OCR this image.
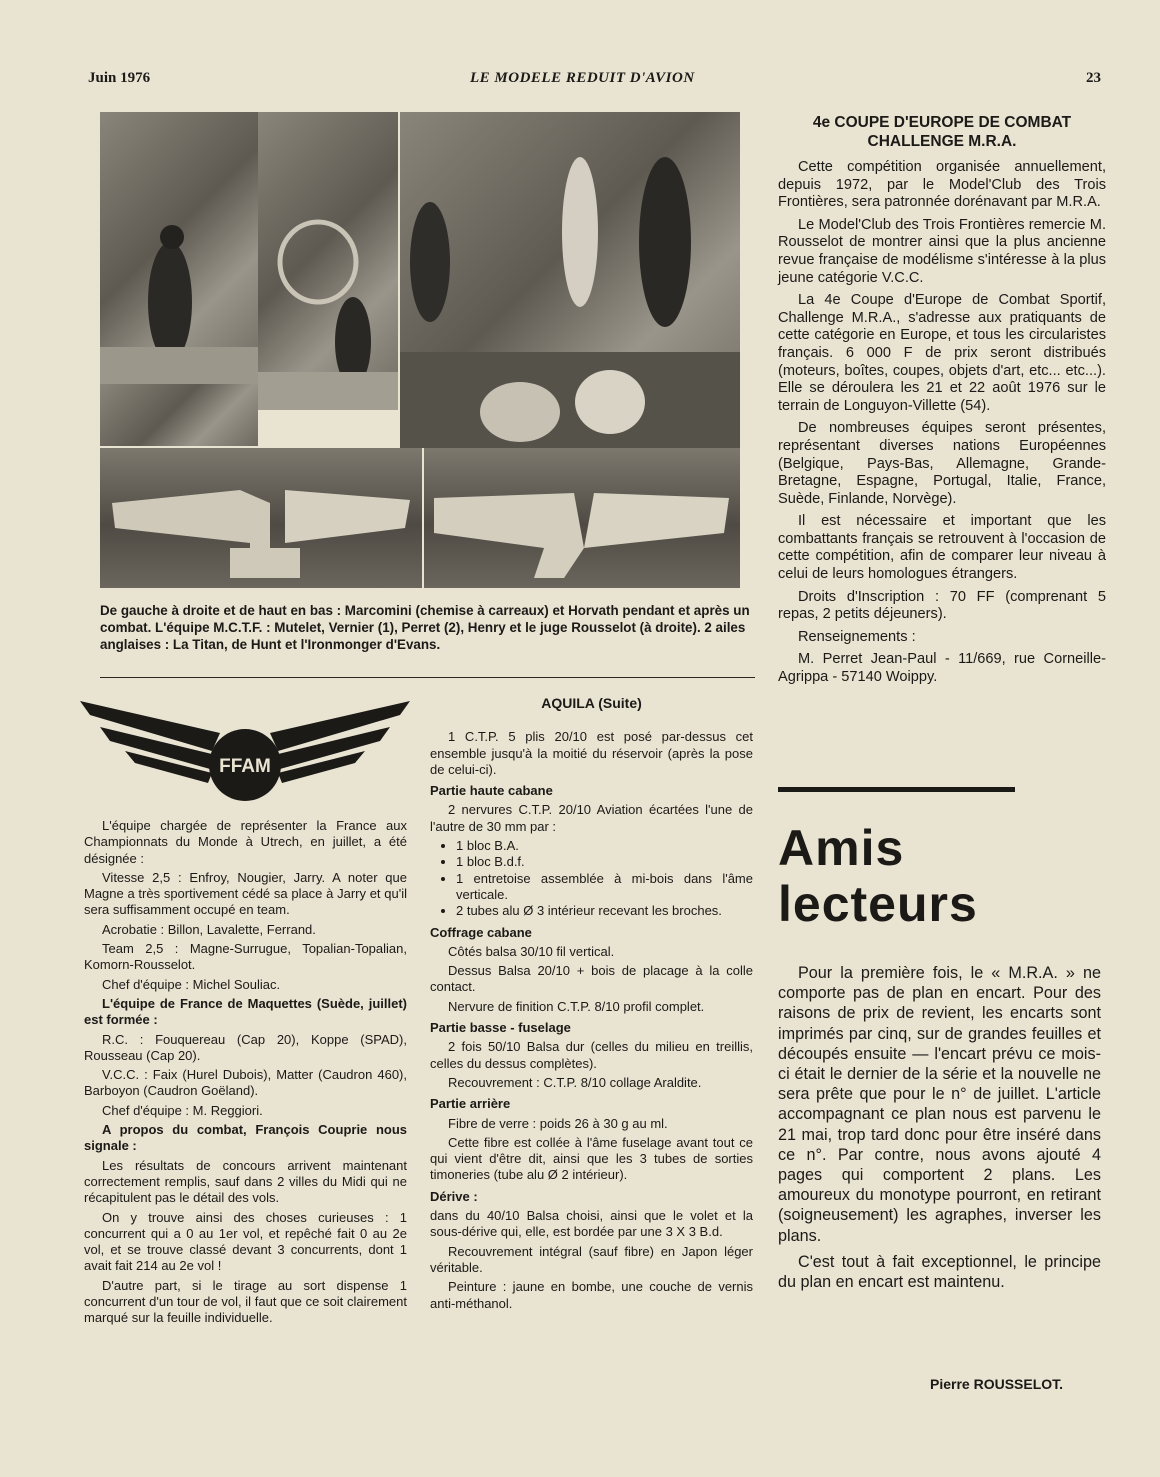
Juin 1976	LE MODELE REDUIT D'AVION	23
De gauche à droite et de haut en bas : Marcomini (chemise à carreaux) et Horvath pendant et après un combat. L'équipe M.C.T.F. : Mutelet, Vernier (1), Perret (2), Henry et le juge Rousselot (à droite). 2 ailes anglaises : La Titan, de Hunt et l'Ironmonger d'Evans.
FFAM

L'équipe chargée de représenter la France aux Championnats du Monde à Utrech, en juillet, a été désignée :

Vitesse 2,5 : Enfroy, Nougier, Jarry. A noter que Magne a très sportivement cédé sa place à Jarry et qu'il sera suffisamment occupé en team.

Acrobatie : Billon, Lavalette, Ferrand.

Team 2,5 : Magne-Surrugue, Topalian-Topalian, Komorn-Rousselot.

Chef d'équipe : Michel Souliac.

L'équipe de France de Maquettes (Suède, juillet) est formée :

R.C. : Fouquereau (Cap 20), Koppe (SPAD), Rousseau (Cap 20).

V.C.C. : Faix (Hurel Dubois), Matter (Caudron 460), Barboyon (Caudron Goëland).

Chef d'équipe : M. Reggiori.

A propos du combat, François Couprie nous signale :

Les résultats de concours arrivent maintenant correctement remplis, sauf dans 2 villes du Midi qui ne récapitulent pas le détail des vols.

On y trouve ainsi des choses curieuses : 1 concurrent qui a 0 au 1er vol, et repêché fait 0 au 2e vol, et se trouve classé devant 3 concurrents, dont 1 avait fait 214 au 2e vol !

D'autre part, si le tirage au sort dispense 1 concurrent d'un tour de vol, il faut que ce soit clairement marqué sur la feuille individuelle.

AQUILA (Suite)

1 C.T.P. 5 plis 20/10 est posé par-dessus cet ensemble jusqu'à la moitié du réservoir (après la pose de celui-ci).

Partie haute cabane

2 nervures C.T.P. 20/10 Aviation écartées l'une de l'autre de 30 mm par :

• 1 bloc B.A.
• 1 bloc B.d.f.
• 1 entretoise assemblée à mi-bois dans l'âme verticale.
• 2 tubes alu Ø 3 intérieur recevant les broches.
Coffrage cabane

Côtés balsa 30/10 fil vertical.

Dessus Balsa 20/10 + bois de placage à la colle contact.

Nervure de finition C.T.P. 8/10 profil complet.

Partie basse - fuselage

2 fois 50/10 Balsa dur (celles du milieu en treillis, celles du dessus complètes).

Recouvrement : C.T.P. 8/10 collage Araldite.

Partie arrière

Fibre de verre : poids 26 à 30 g au ml.

Cette fibre est collée à l'âme fuselage avant tout ce qui vient d'être dit, ainsi que les 3 tubes de sorties timoneries (tube alu Ø 2 intérieur).

Dérive :

dans du 40/10 Balsa choisi, ainsi que le volet et la sous-dérive qui, elle, est bordée par une 3 X 3 B.d.

Recouvrement intégral (sauf fibre) en Japon léger véritable.

Peinture : jaune en bombe, une couche de vernis anti-méthanol.

4e COUPE D'EUROPE DE COMBAT CHALLENGE M.R.A.

Cette compétition organisée annuellement, depuis 1972, par le Model'Club des Trois Frontières, sera patronnée dorénavant par M.R.A.

Le Model'Club des Trois Frontières remercie M. Rousselot de montrer ainsi que la plus ancienne revue française de modélisme s'intéresse à la plus jeune catégorie V.C.C.

La 4e Coupe d'Europe de Combat Sportif, Challenge M.R.A., s'adresse aux pratiquants de cette catégorie en Europe, et tous les circularistes français. 6 000 F de prix seront distribués (moteurs, boîtes, coupes, objets d'art, etc... etc...). Elle se déroulera les 21 et 22 août 1976 sur le terrain de Longuyon-Villette (54).

De nombreuses équipes seront présentes, représentant diverses nations Européennes (Belgique, Pays-Bas, Allemagne, Grande-Bretagne, Espagne, Portugal, Italie, France, Suède, Finlande, Norvège).

Il est nécessaire et important que les combattants français se retrouvent à l'occasion de cette compétition, afin de comparer leur niveau à celui de leurs homologues étrangers.

Droits d'Inscription : 70 FF (comprenant 5 repas, 2 petits déjeuners).

Renseignements :

M. Perret Jean-Paul - 11/669, rue Corneille-Agrippa - 57140 Woippy.

Amis
lecteurs

Pour la première fois, le « M.R.A. » ne comporte pas de plan en encart. Pour des raisons de prix de revient, les encarts sont imprimés par cinq, sur de grandes feuilles et découpés ensuite — l'encart prévu ce mois-ci était le dernier de la série et la nouvelle ne sera prête que pour le n° de juillet. L'article accompagnant ce plan nous est parvenu le 21 mai, trop tard donc pour être inséré dans ce n°. Par contre, nous avons ajouté 4 pages qui comportent 2 plans. Les amoureux du monotype pourront, en retirant (soigneusement) les agraphes, inverser les plans.

C'est tout à fait exceptionnel, le principe du plan en encart est maintenu.

Pierre ROUSSELOT.
